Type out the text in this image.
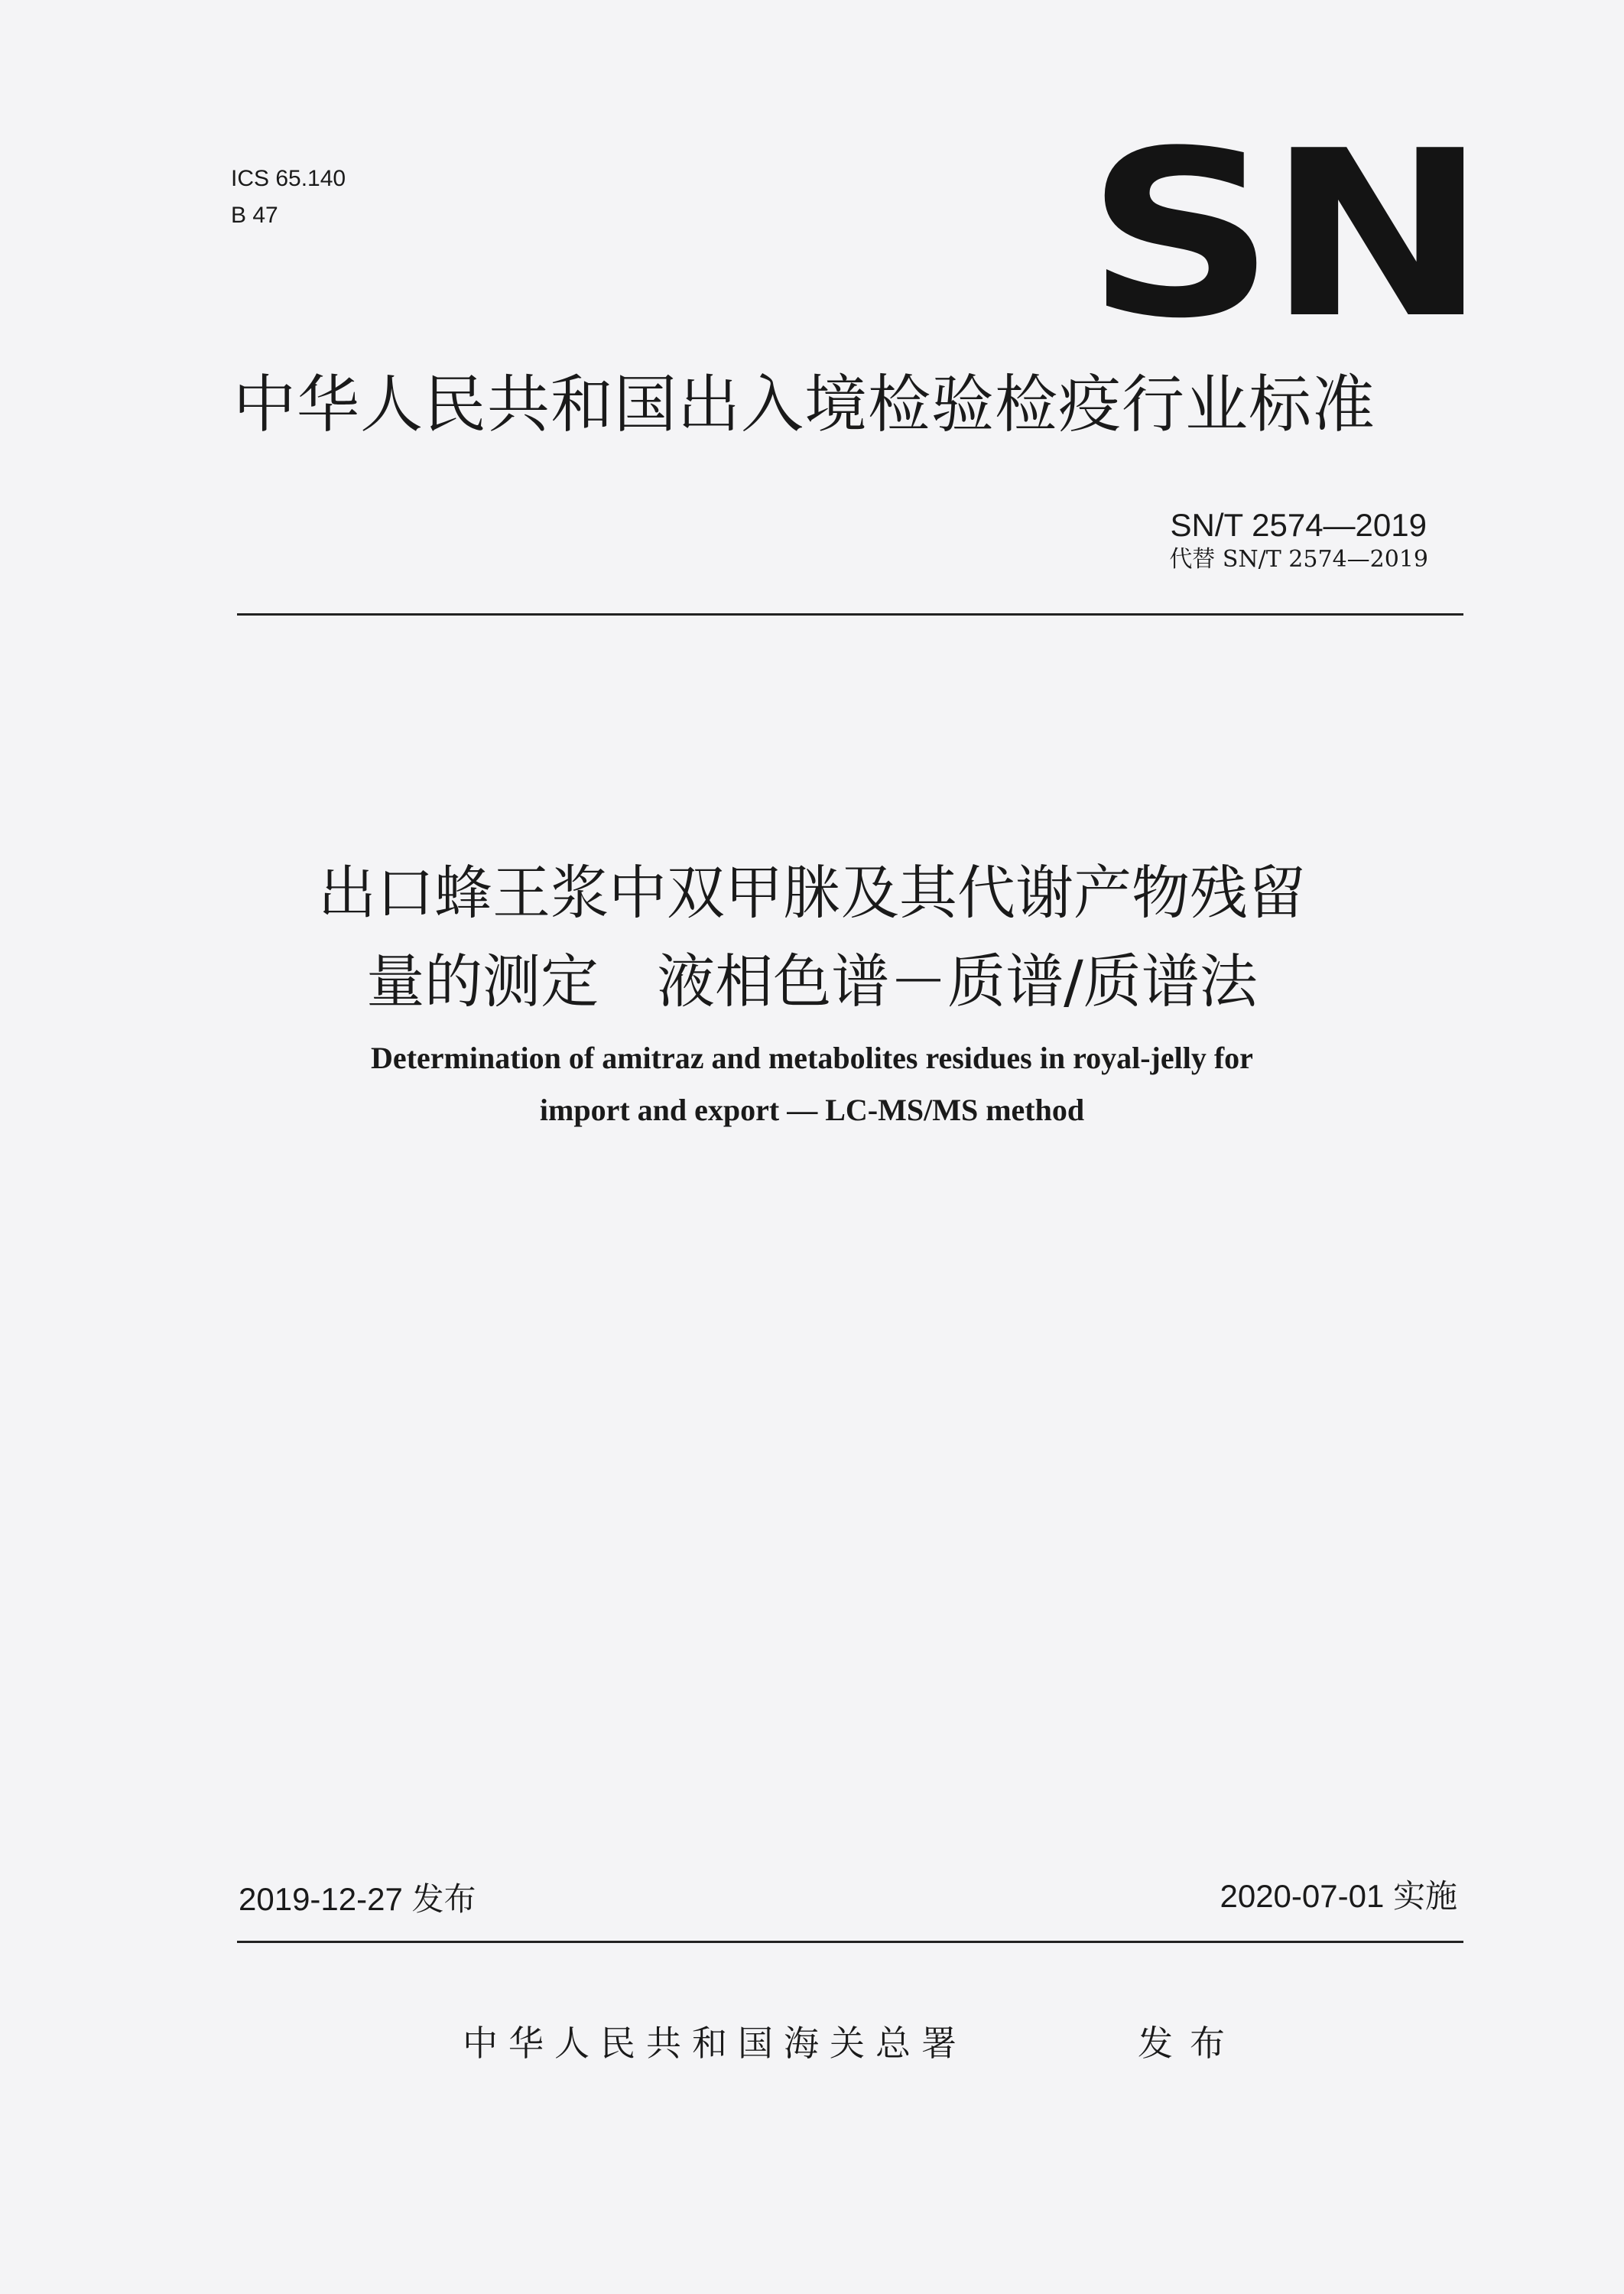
ICS 65.140
B 47	SN
中华人民共和国出入境检验检疫行业标准
SN/T 2574—2019
代替 SN/T 2574—2019
出口蜂王浆中双甲脒及其代谢产物残留
量的测定　液相色谱－质谱/质谱法
Determination of amitraz and metabolites residues in royal-jelly for
import and export — LC-MS/MS method
2019-12-27 发布	2020-07-01 实施
中华人民共和国海关总署	发布
